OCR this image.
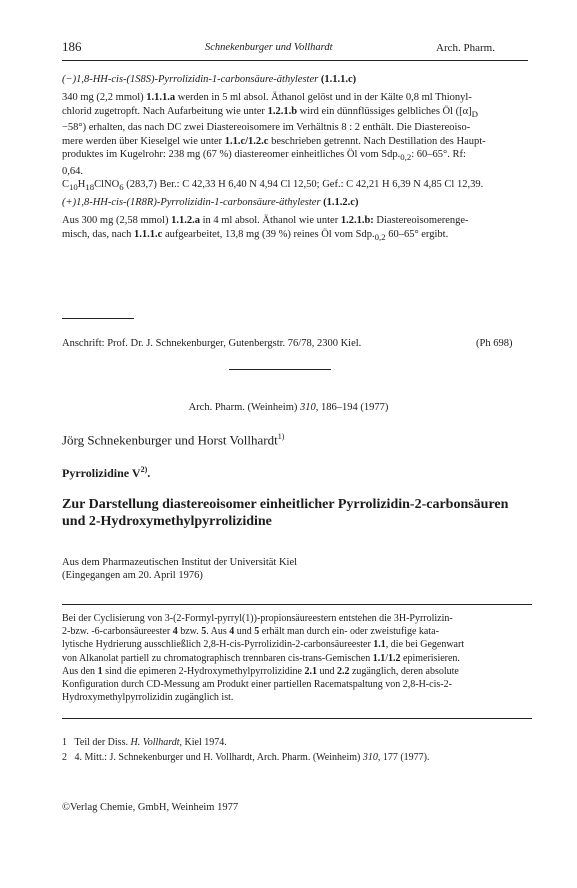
186	Schnekenburger und Vollhardt	Arch. Pharm.
(−)1,8-HH-cis-(1S8S)-Pyrrolizidin-1-carbonsäure-äthylester (1.1.1.c)
340 mg (2,2 mmol) 1.1.1.a werden in 5 ml absol. Äthanol gelöst und in der Kälte 0,8 ml Thionyl-
chlorid zugetropft. Nach Aufarbeitung wie unter 1.2.1.b wird ein dünnflüssiges gelbliches Öl ($[\alpha]_D$
−58°) erhalten, das nach DC zwei Diastereoisomere im Verhältnis 8 : 2 enthält. Die Diastereoiso-
mere werden über Kieselgel wie unter 1.1.c/1.2.c beschrieben getrennt. Nach Destillation des Haupt-
produktes im Kugelrohr: 238 mg (67 %) diastereomer einheitliches Öl vom $Sdp._{0,2}$: 60–65°. Rf:
0,64.
$C_{10}H_{18}ClNO_6$ (283,7) Ber.: C 42,33 H 6,40 N 4,94 Cl 12,50; Gef.: C 42,21 H 6,39 N 4,85 Cl 12,39.
(+)1,8-HH-cis-(1R8R)-Pyrrolizidin-1-carbonsäure-äthylester (1.1.2.c)
Aus 300 mg (2,58 mmol) 1.1.2.a in 4 ml absol. Äthanol wie unter 1.2.1.b: Diastereoisomerenge-
misch, das, nach 1.1.1.c aufgearbeitet, 13,8 mg (39 %) reines Öl vom $Sdp._{0,2}$ 60–65° ergibt.
Anschrift: Prof. Dr. J. Schnekenburger, Gutenbergstr. 76/78, 2300 Kiel.	(Ph 698)
Arch. Pharm. (Weinheim) 310, 186–194 (1977)
Jörg Schnekenburger und Horst Vollhardt$^{1)}$
Pyrrolizidine $V^{2)}$.
Zur Darstellung diastereoisomer einheitlicher Pyrrolizidin-2-carbonsäuren
und 2-Hydroxymethylpyrrolizidine
Aus dem Pharmazeutischen Institut der Universität Kiel
(Eingegangen am 20. April 1976)
Bei der Cyclisierung von 3-(2-Formyl-pyrryl(1))-propionsäureestern entstehen die 3H-Pyrrolizin-
2-bzw. -6-carbonsäureester 4 bzw. 5. Aus 4 und 5 erhält man durch ein- oder zweistufige kata-
lytische Hydrierung ausschließlich 2,8-H-cis-Pyrrolizidin-2-carbonsäureester 1.1, die bei Gegenwart
von Alkanolat partiell zu chromatographisch trennbaren cis-trans-Gemischen 1.1/1.2 epimerisieren.
Aus den 1 sind die epimeren 2-Hydroxymethylpyrrolizidine 2.1 und 2.2 zugänglich, deren absolute
Konfiguration durch CD-Messung am Produkt einer partiellen Racematspaltung von 2,8-H-cis-2-
Hydroxymethylpyrrolizidin zugänglich ist.
1   Teil der Diss. H. Vollhardt, Kiel 1974.
2   4. Mitt.: J. Schnekenburger und H. Vollhardt, Arch. Pharm. (Weinheim) 310, 177 (1977).
©Verlag Chemie, GmbH, Weinheim 1977
